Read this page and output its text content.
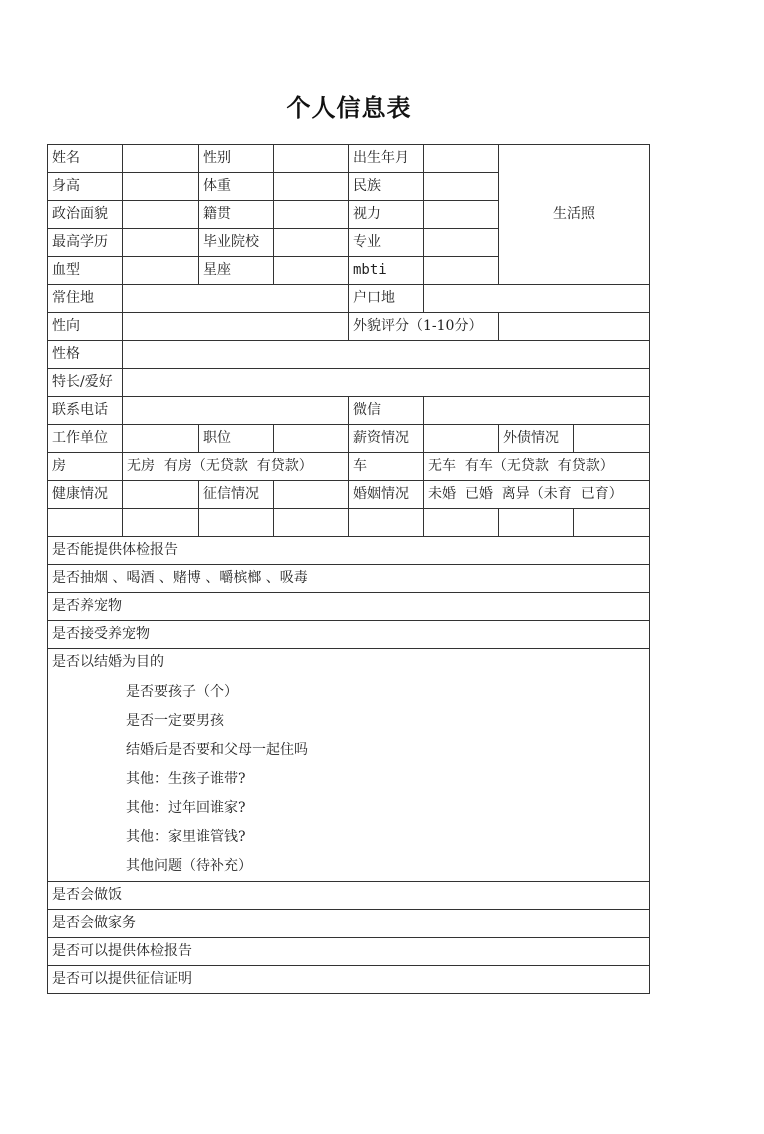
个人信息表
姓名		性别		出生年月		生活照	
身高		体重		民族			
政治面貌		籍贯		视力			
最高学历		毕业院校		专业			
血型		星座		mbti			
常住地				户口地			
性向				外貌评分（1-10分）			
性格							
特长/爱好							
联系电话				微信			
工作单位		职位		薪资情况		外债情况	
房	无房  有房（无贷款  有贷款）			车	无车  有车（无贷款  有贷款）		
健康情况		征信情况		婚姻情况	未婚  已婚  离异（未育  已育）		

是否能提供体检报告							
是否抽烟 、喝酒 、赌博 、嚼槟榔 、吸毒							
是否养宠物							
是否接受养宠物							

是否以结婚为目的
是否要孩子（个）
是否一定要男孩
结婚后是否要和父母一起住吗
其他：生孩子谁带?
其他：过年回谁家?
其他：家里谁管钱?
其他问题（待补充）

是否会做饭							
是否会做家务							
是否可以提供体检报告							
是否可以提供征信证明							
